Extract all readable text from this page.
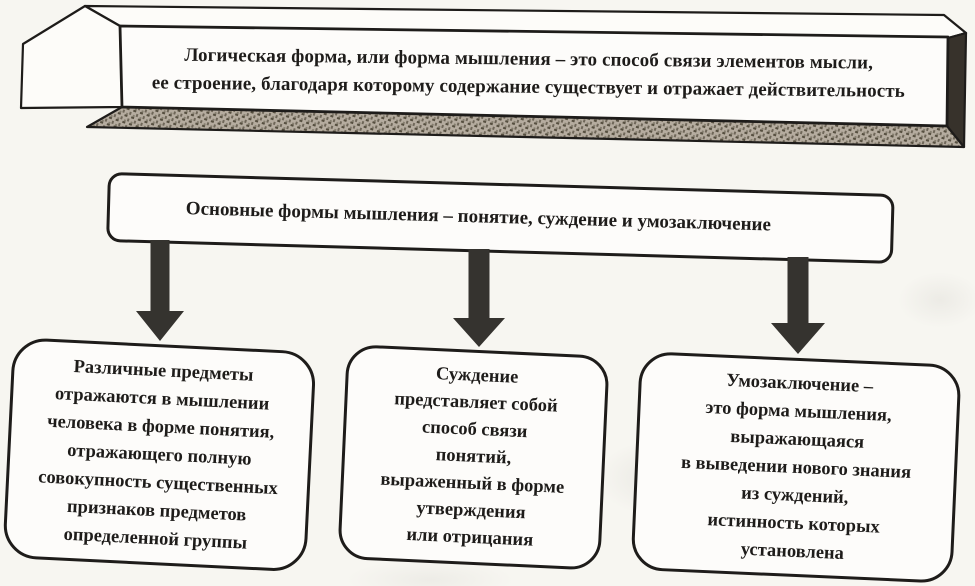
Логическая форма, или форма мышления – это способ связи элементов мысли,
ее строение, благодаря которому содержание существует и отражает действительность
Основные формы мышления – понятие, суждение и умозаключение
Различные предметы
отражаются в мышлении
человека в форме понятия,
отражающего полную
совокупность существенных
признаков предметов
определенной группы
Суждение
представляет собой
способ связи
понятий,
выраженный в форме
утверждения
или отрицания
Умозаключение –
это форма мышления,
выражающаяся
в выведении нового знания
из суждений,
истинность которых
установлена
